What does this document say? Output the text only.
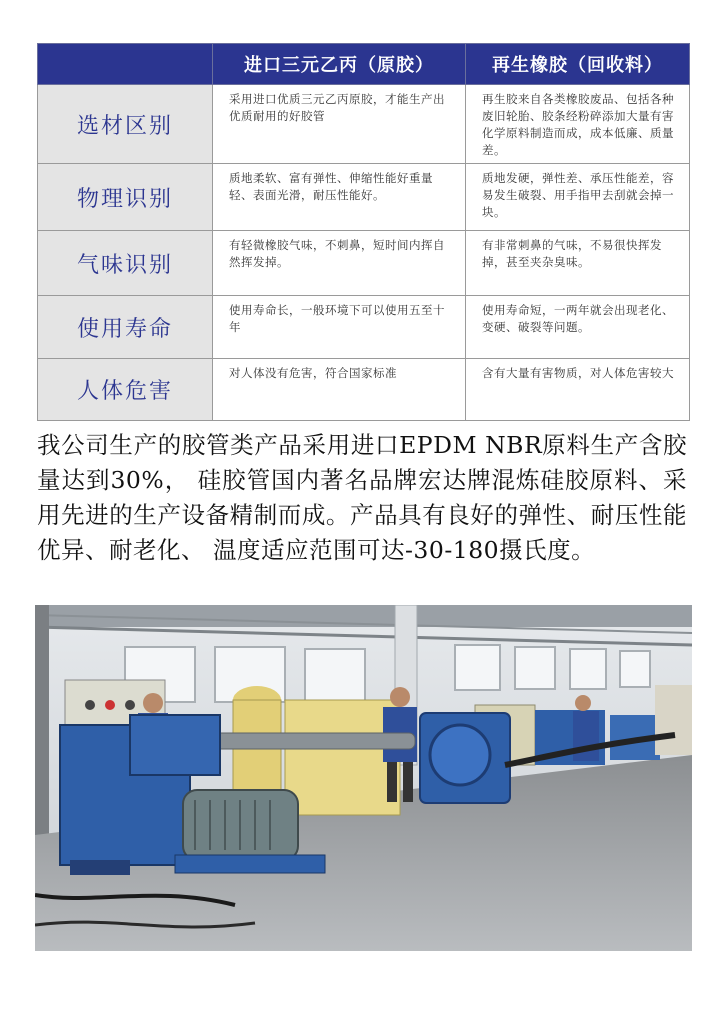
	进口三元乙丙（原胶）	再生橡胶（回收料）
选材区别	采用进口优质三元乙丙原胶，才能生产出优质耐用的好胶管	再生胶来自各类橡胶废品、包括各种废旧轮胎、胶条经粉碎添加大量有害化学原料制造而成，成本低廉、质量差。
物理识别	质地柔软、富有弹性、伸缩性能好重量轻、表面光滑，耐压性能好。	质地发硬，弹性差、承压性能差，容易发生破裂、用手指甲去刮就会掉一块。
气味识别	有轻微橡胶气味，不刺鼻，短时间内挥自然挥发掉。	有非常刺鼻的气味，不易很快挥发掉，甚至夹杂臭味。
使用寿命	使用寿命长，一般环境下可以使用五至十年	使用寿命短，一两年就会出现老化、变硬、破裂等问题。
人体危害	对人体没有危害，符合国家标准	含有大量有害物质，对人体危害较大
我公司生产的胶管类产品采用进口EPDM NBR原料生产含胶量达到30%， 硅胶管国内著名品牌宏达牌混炼硅胶原料、采用先进的生产设备精制而成。产品具有良好的弹性、耐压性能优异、耐老化、 温度适应范围可达-30-180摄氏度。
